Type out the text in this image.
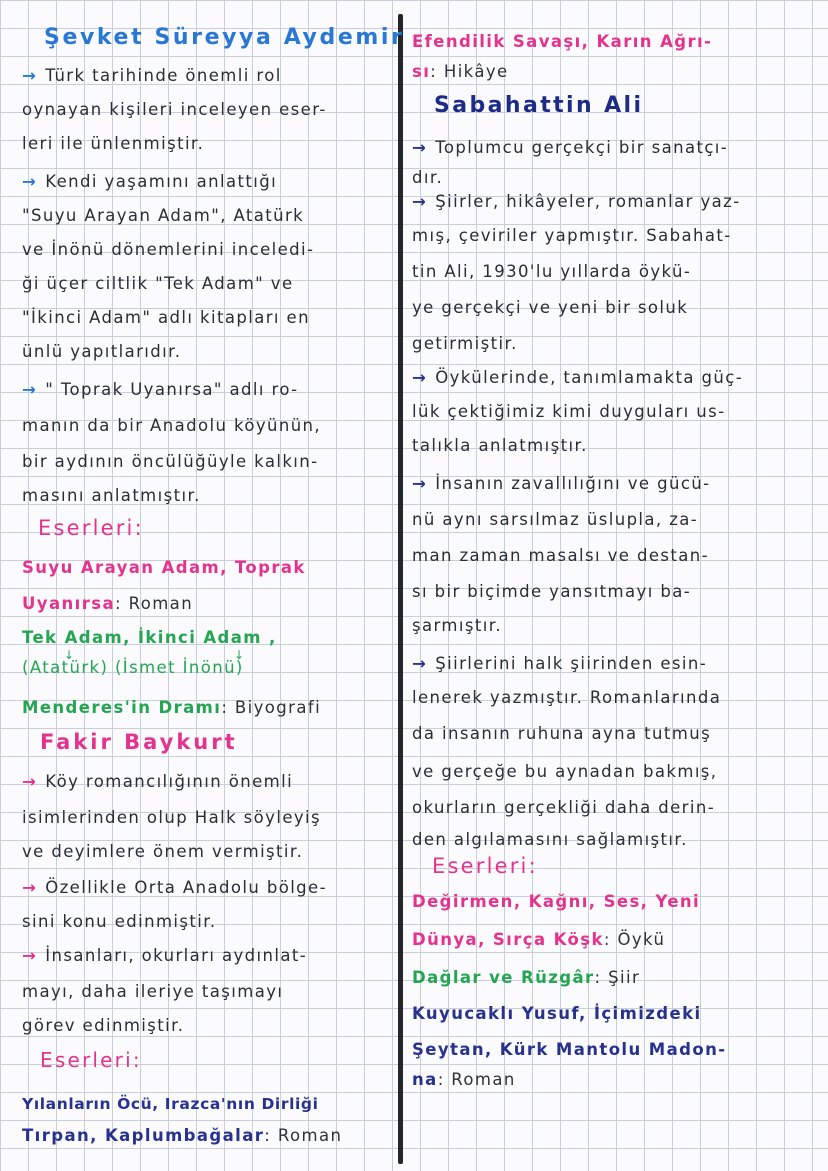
Şevket Süreyya Aydemir
→ Türk tarihinde önemli rol
oynayan kişileri inceleyen eser-
leri ile ünlenmiştir.
→ Kendi yaşamını anlattığı
"Suyu Arayan Adam", Atatürk
ve İnönü dönemlerini inceledi-
ği üçer ciltlik "Tek Adam" ve
"İkinci Adam" adlı kitapları en
ünlü yapıtlarıdır.
→ " Toprak Uyanırsa" adlı ro-
manın da bir Anadolu köyünün,
bir aydının öncülüğüyle kalkın-
masını anlatmıştır.
Eserleri:
Suyu Arayan Adam, Toprak
Uyanırsa: Roman
Tek Adam, İkinci Adam ,
↓	↓
(Atatürk) (İsmet İnönü)
Menderes'in Dramı: Biyografi
Fakir Baykurt
→ Köy romancılığının önemli
isimlerinden olup Halk söyleyiş
ve deyimlere önem vermiştir.
→ Özellikle Orta Anadolu bölge-
sini konu edinmiştir.
→ İnsanları, okurları aydınlat-
mayı, daha ileriye taşımayı
görev edinmiştir.
Eserleri:
Yılanların Öcü, Irazca'nın Dirliği
Tırpan, Kaplumbağalar: Roman
Efendilik Savaşı, Karın Ağrı-
sı: Hikâye
Sabahattin Ali
→ Toplumcu gerçekçi bir sanatçı-
dır.
→ Şiirler, hikâyeler, romanlar yaz-
mış, çeviriler yapmıştır. Sabahat-
tin Ali, 1930'lu yıllarda öykü-
ye gerçekçi ve yeni bir soluk
getirmiştir.
→ Öykülerinde, tanımlamakta güç-
lük çektiğimiz kimi duyguları us-
talıkla anlatmıştır.
→ İnsanın zavallılığını ve gücü-
nü aynı sarsılmaz üslupla, za-
man zaman masalsı ve destan-
sı bir biçimde yansıtmayı ba-
şarmıştır.
→ Şiirlerini halk şiirinden esin-
lenerek yazmıştır. Romanlarında
da insanın ruhuna ayna tutmuş
ve gerçeğe bu aynadan bakmış,
okurların gerçekliği daha derin-
den algılamasını sağlamıştır.
Eserleri:
Değirmen, Kağnı, Ses, Yeni
Dünya, Sırça Köşk: Öykü
Dağlar ve Rüzgâr: Şiir
Kuyucaklı Yusuf, İçimizdeki
Şeytan, Kürk Mantolu Madon-
na: Roman
